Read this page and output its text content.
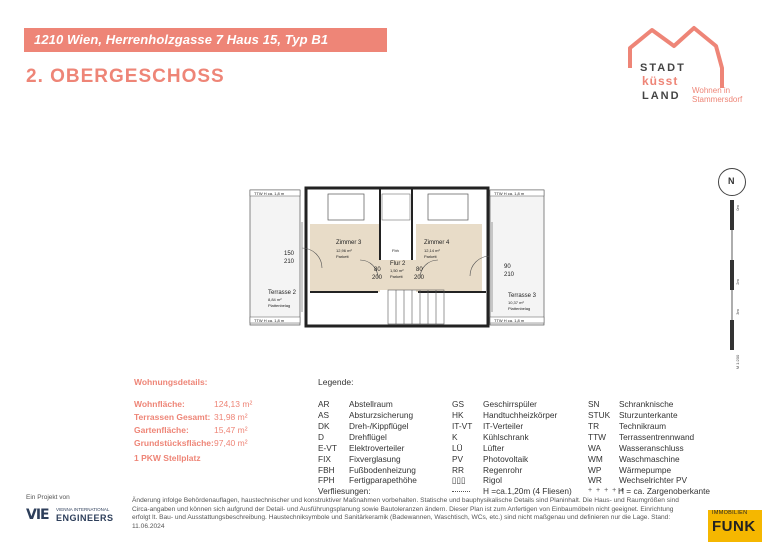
1210 Wien, Herrenholzgasse 7 Haus 15, Typ B1
2. OBERGESCHOSS	STADT
küsst
LAND Wohnen in
Stammersdorf
N
0m
2m
3m
M 1:200
TTW H ca. 1,8 m
TTW H ca. 1,8 m
TTW H ca. 1,8 m
TTW H ca. 1,8 m
Zimmer 3
12,96 m²
Parkett
Zimmer 4
12,14 m²
Parkett
Flur 2
1,50 m²
Parkett
Terrasse 2
8,84 m²
Plattenbelag
Terrasse 3
10,37 m²
Plattenbelag
Fbh
150
210
80
200
80
200
90
210
Wohnungsdetails:
Wohnfläche:	124,13 m²
Terrassen Gesamt: 31,98 m²
Gartenfläche:	15,47 m²
Grundstücksfläche: 97,40 m²
1 PKW Stellplatz
Legende:
AR Abstellraum
AS Absturzsicherung
DK Dreh-/Kippflügel
D	Drehflügel
E-VT Elektroverteiler
FIX Fixverglasung
FBH Fußbodenheizung
FPH Fertigparapethöhe
GS Geschirrspüler
HK Handtuchheizkörper
IT-VT IT-Verteiler
K	Kühlschrank
LÜ Lüfter
PV Photovoltaik
RR Regenrohr
▯▯▯ Rigol
SN Schranknische
STUK Sturzunterkante
TR Technikraum
TTW Terrassentrennwand
WA Wasseranschluss
WM Waschmaschine
WP Wärmepumpe
WR Wechselrichter PV
Verfliesungen:	H =ca.1,20m (4 Fliesen) + + + + +
H = ca. Zargenoberkante
Änderung infolge Behördenauflagen, haustechnischer und konstruktiver Maßnahmen vorbehalten. Statische und bauphysikalische Details sind Planinhalt. Die Haus- und Raumgrößen sind Circa-angaben und können sich aufgrund der Detail- und Ausführungsplanung sowie Bautoleranzen ändern. Dieser Plan ist zum Anfertigen von Einbaumöbeln nicht geeignet. Einrichtung erfolgt lt. Bau- und Ausstattungsbeschreibung. Haustechniksymbole und Sanitärkeramik (Badewannen, Waschtisch, WCs, etc.) sind nicht maßgenau und definieren nur die Lage. Stand: 11.06.2024
Ein Projekt von
VIE VIENNA INTERNATIONAL
ENGINEERS	IMMOBILIEN
FUNK
